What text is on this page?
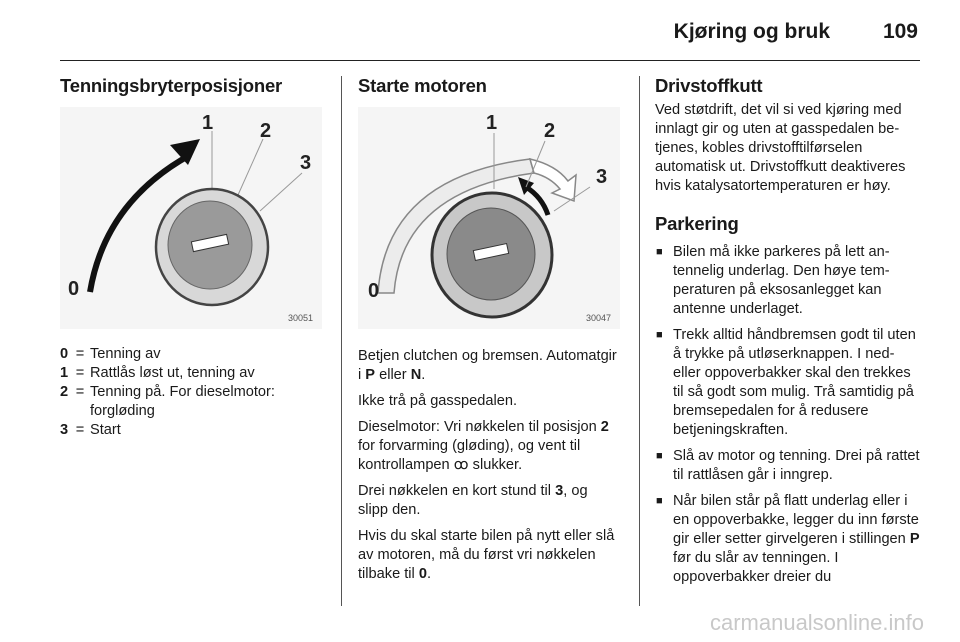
Kjøring og bruk	109
Tenningsbryterposisjoner
0
1 2
3
30051
0 = Tenning av
1 = Rattlås løst ut, tenning av
2 = Tenning på. For dieselmotor: forgløding
3 = Start
Starte motoren
0
1 2
3
30047

Betjen clutchen og bremsen. Automatgir i P eller N.

Ikke trå på gasspedalen.

Dieselmotor: Vri nøkkelen til posisjon 2 for forvarming (gløding), og vent til kontrollampen ꝏ slukker.

Drei nøkkelen en kort stund til 3, og slipp den.

Hvis du skal starte bilen på nytt eller slå av motoren, må du først vri nøkkelen tilbake til 0.

Drivstoffkutt

Ved støtdrift, det vil si ved kjøring med innlagt gir og uten at gasspedalen betjenes, kobles drivstofftilførselen automatisk ut. Drivstoffkutt deaktiveres hvis katalysatortemperaturen er høy.

Parkering
■ Bilen må ikke parkeres på lett antennelig underlag. Den høye temperaturen på eksosanlegget kan antenne underlaget.
■ Trekk alltid håndbremsen godt til uten å trykke på utløserknappen. I ned- eller oppoverbakker skal den trekkes til så godt som mulig. Trå samtidig på bremsepedalen for å redusere betjeningskraften.
■ Slå av motor og tenning. Drei på rattet til rattlåsen går i inngrep.
■ Når bilen står på flatt underlag eller i en oppoverbakke, legger du inn første gir eller setter girvelgeren i stillingen P før du slår av tenningen. I oppoverbakker dreier du
carmanualsonline.info
